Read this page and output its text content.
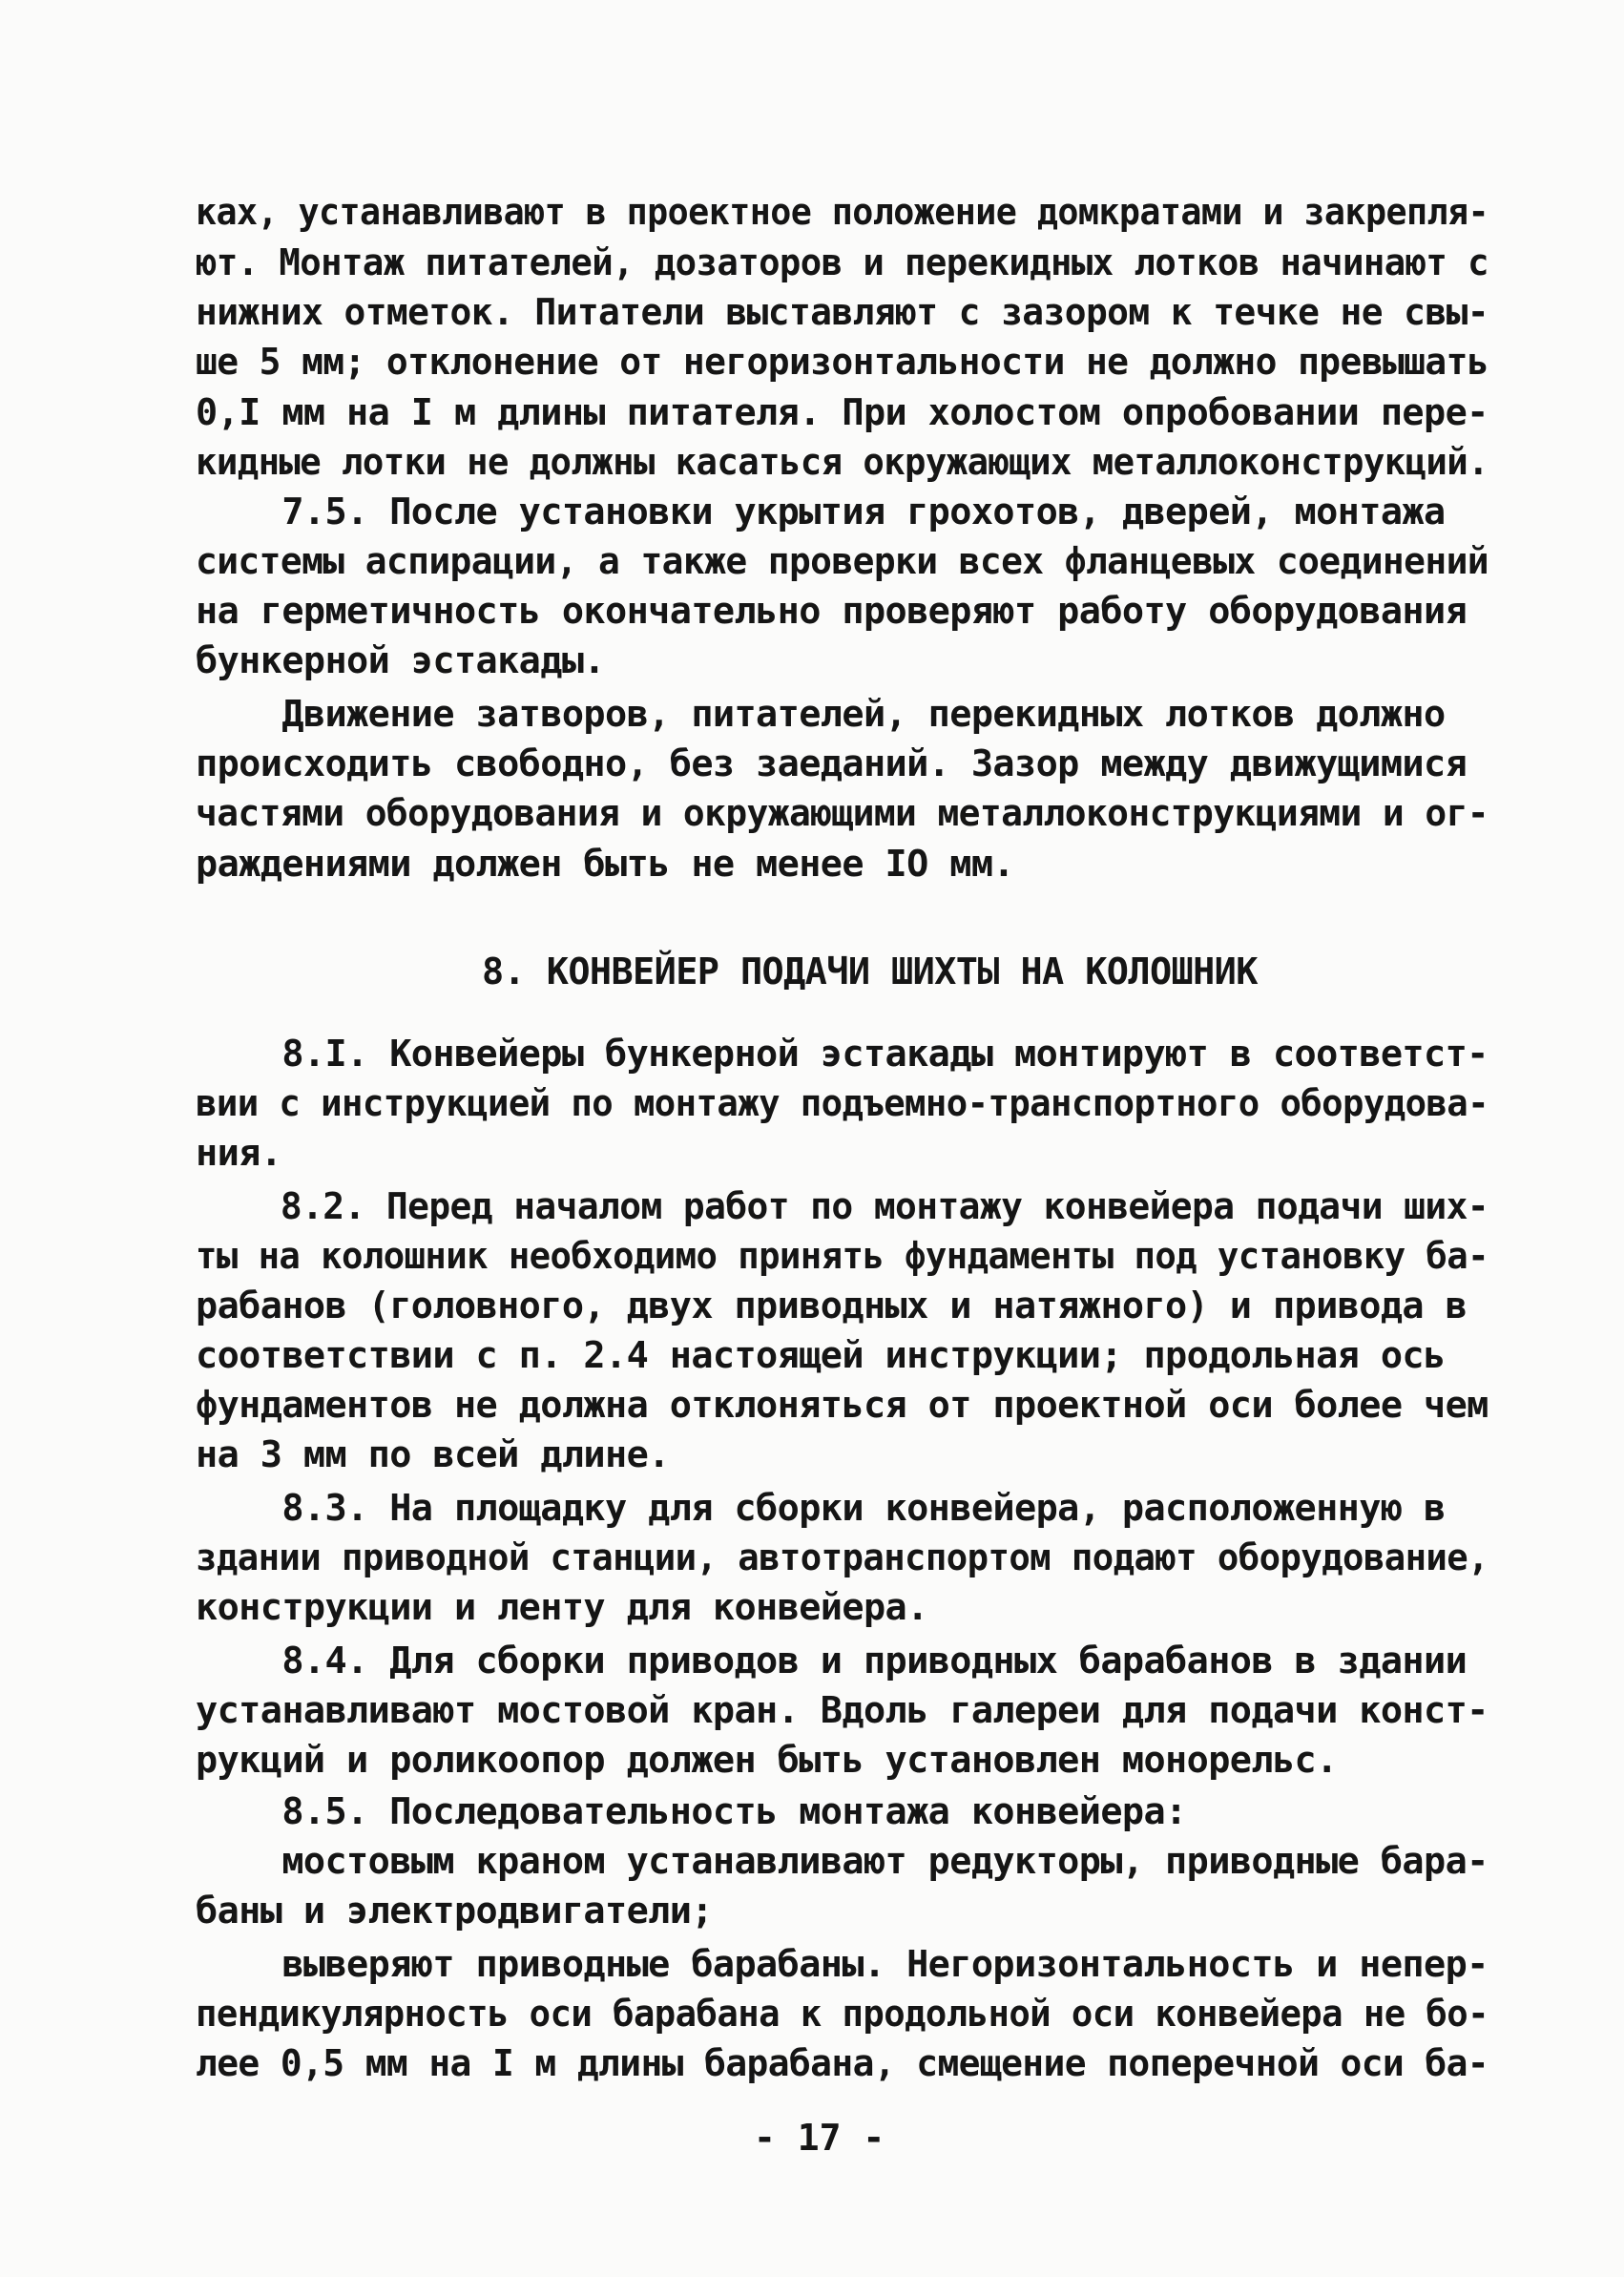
ках, устанавливают в проектное положение домкратами и закрепля-
ют. Монтаж питателей, дозаторов и перекидных лотков начинают с
нижних отметок. Питатели выставляют с зазором к течке не свы-
ше 5 мм; отклонение от негоризонтальности не должно превышать
0,I мм на I м длины питателя. При холостом опробовании пере-
кидные лотки не должны касаться окружающих металлоконструкций.
7.5. После установки укрытия грохотов, дверей, монтажа
системы аспирации, а также проверки всех фланцевых соединений
на герметичность окончательно проверяют работу оборудования
бункерной эстакады.
Движение затворов, питателей, перекидных лотков должно
происходить свободно, без заеданий. Зазор между движущимися
частями оборудования и окружающими металлоконструкциями и ог-
раждениями должен быть не менее IO мм.
8. КОНВЕЙЕР ПОДАЧИ ШИХТЫ НА КОЛОШНИК
8.I. Конвейеры бункерной эстакады монтируют в соответст-
вии с инструкцией по монтажу подъемно-транспортного оборудова-
ния.
8.2. Перед началом работ по монтажу конвейера подачи ших-
ты на колошник необходимо принять фундаменты под установку ба-
рабанов (головного, двух приводных и натяжного) и привода в
соответствии с п. 2.4 настоящей инструкции; продольная ось
фундаментов не должна отклоняться от проектной оси более чем
на 3 мм по всей длине.
8.3. На площадку для сборки конвейера, расположенную в
здании приводной станции, автотранспортом подают оборудование,
конструкции и ленту для конвейера.
8.4. Для сборки приводов и приводных барабанов в здании
устанавливают мостовой кран. Вдоль галереи для подачи конст-
рукций и роликоопор должен быть установлен монорельс.
8.5. Последовательность монтажа конвейера:
мостовым краном устанавливают редукторы, приводные бара-
баны и электродвигатели;
выверяют приводные барабаны. Негоризонтальность и непер-
пендикулярность оси барабана к продольной оси конвейера не бо-
лее 0,5 мм на I м длины барабана, смещение поперечной оси ба-
- 17 -
